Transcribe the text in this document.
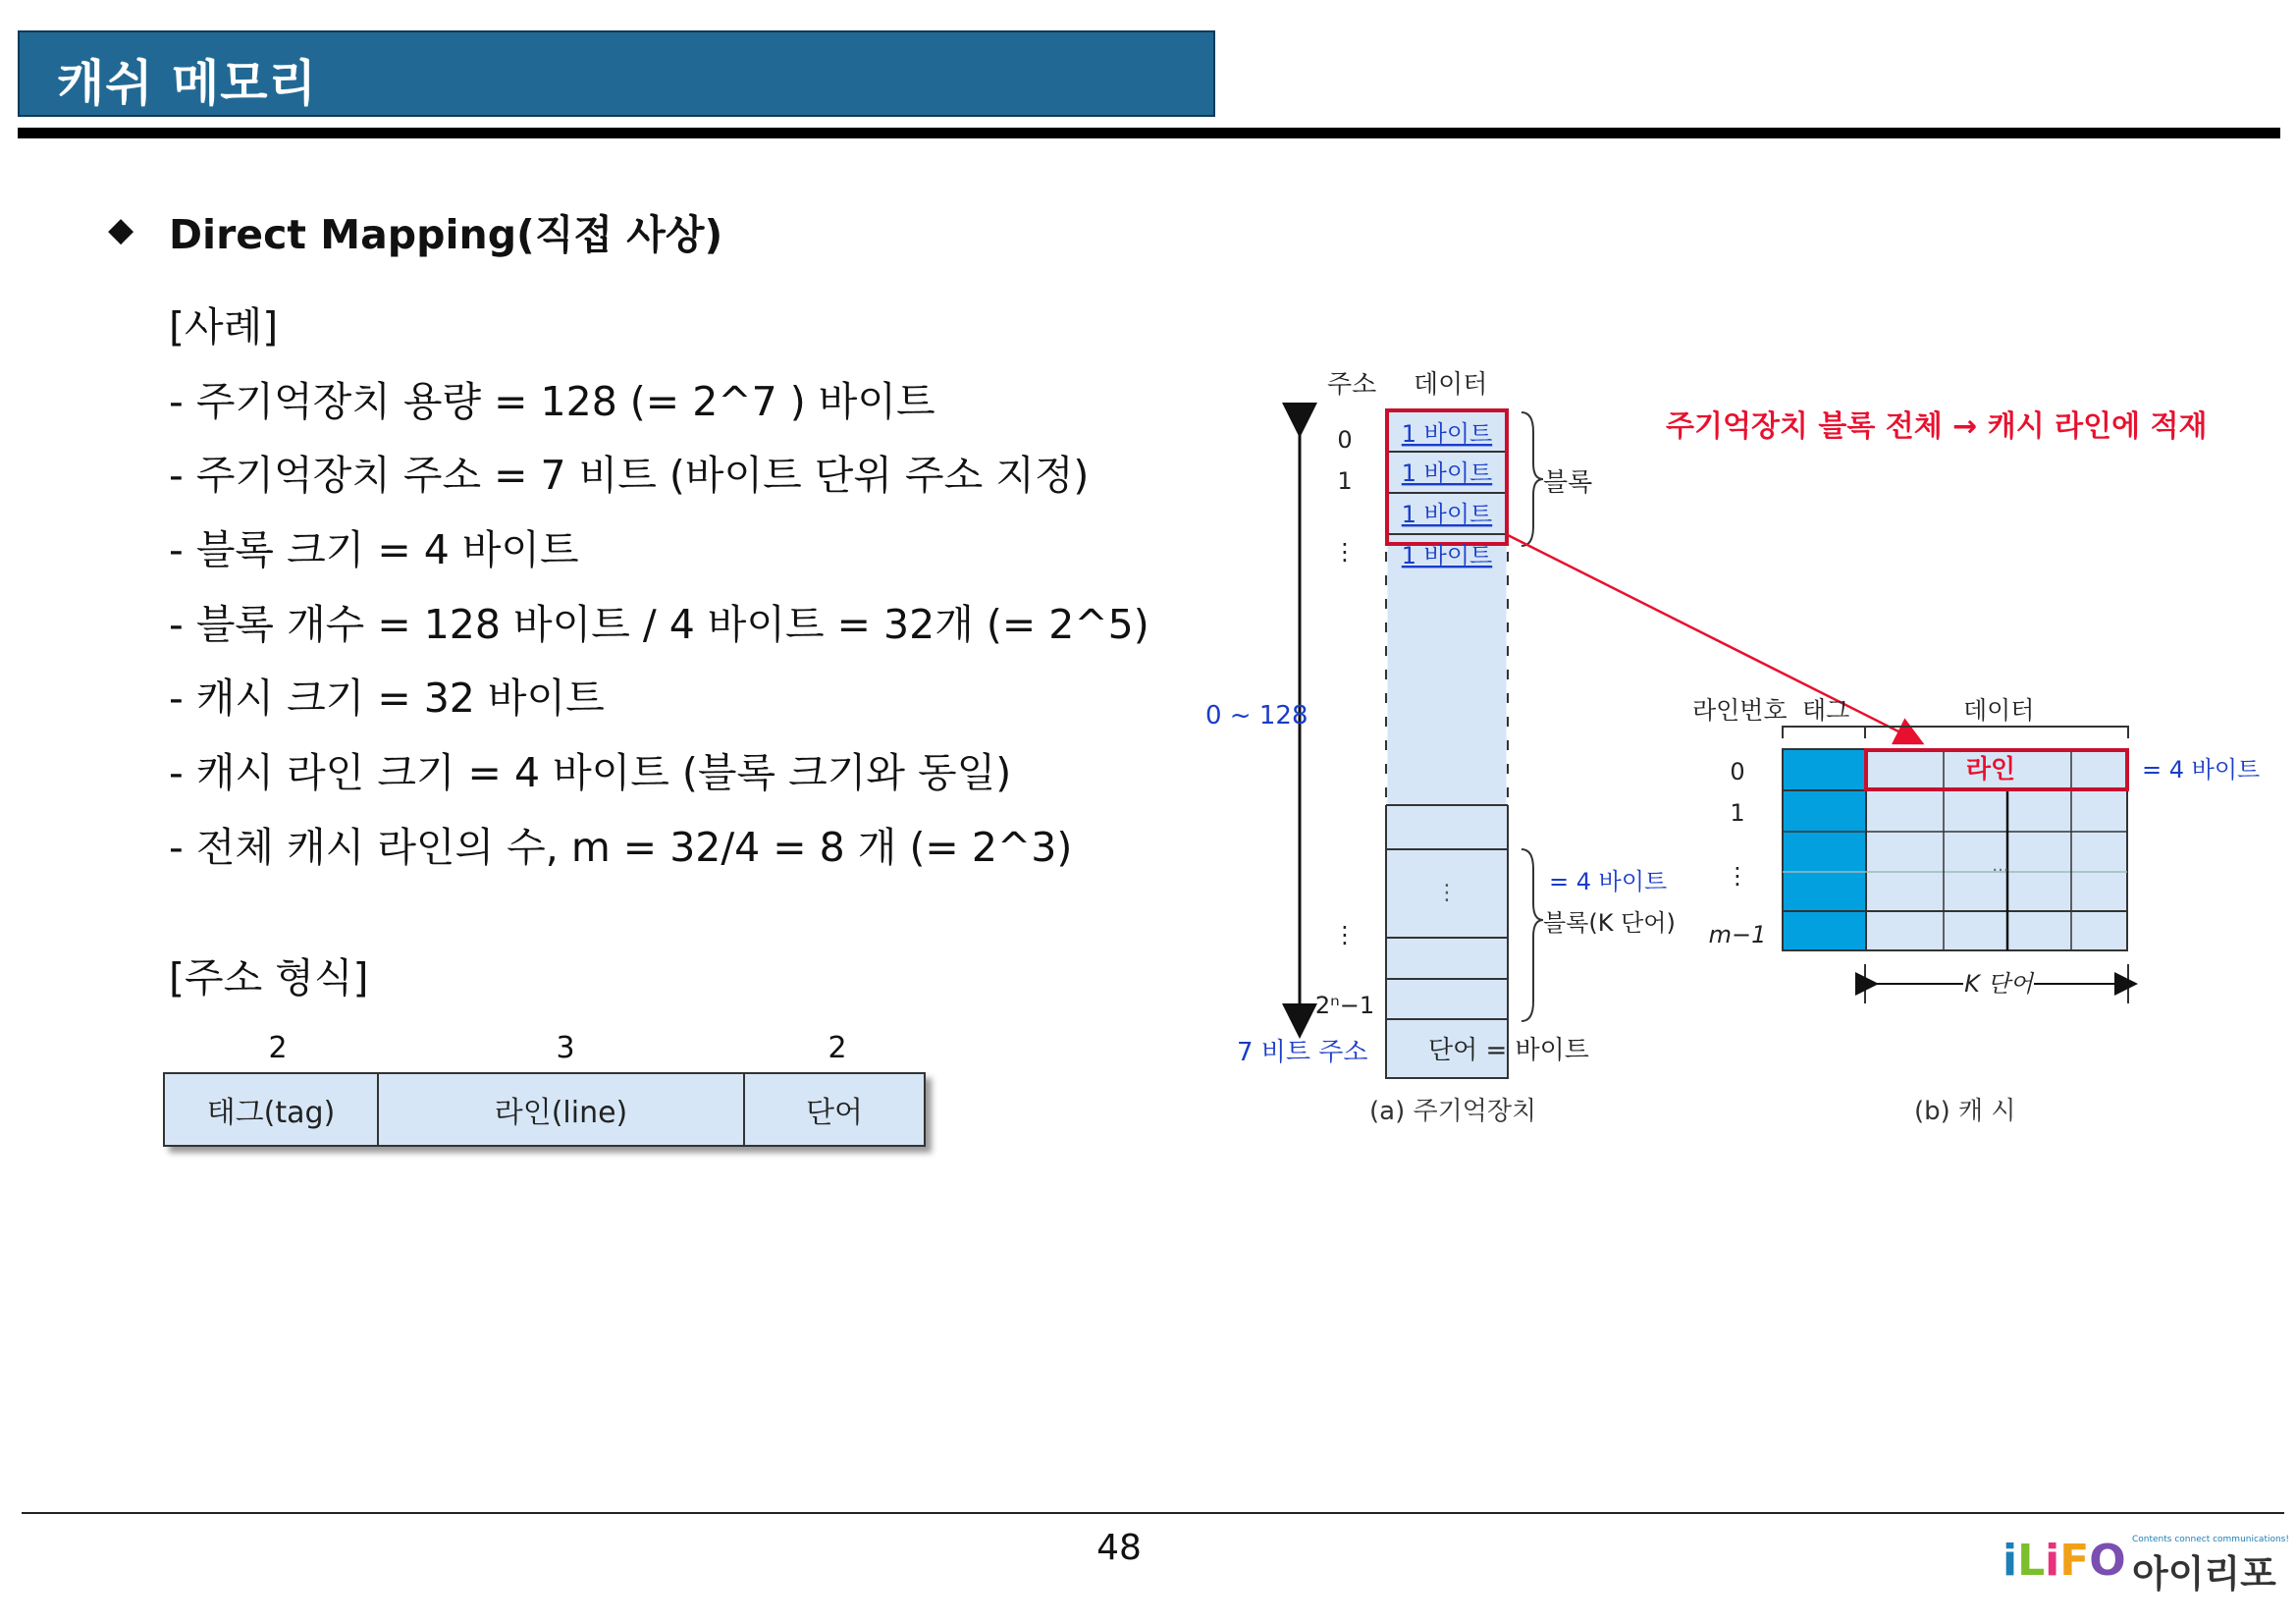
캐쉬 메모리
◆ Direct Mapping(직접 사상)
[사례]
- 주기억장치 용량 = 128 (= 2^7 ) 바이트
- 주기억장치 주소 = 7 비트 (바이트 단위 주소 지정)
- 블록 크기 = 4 바이트
- 블록 개수 = 128 바이트 / 4 바이트 = 32개 (= 2^5)
- 캐시 크기 = 32 바이트
- 캐시 라인 크기 = 4 바이트 (블록 크기와 동일)
- 전체 캐시 라인의 수, m = 32/4 = 8 개 (= 2^3)
[주소 형식]
2	3	2
태그(tag)	라인(line)	단어
주기억장치 블록 전체 → 캐시 라인에 적재
주소 데이터
⋮
1 바이트
1 바이트
1 바이트
1 바이트
0
1
⋮
⋮
2ⁿ−1
0 ~ 128
블록
= 4 바이트
블록(K 단어)
7 비트 주소 단어 = 바이트
(a) 주기억장치
라인번호 태그	데이터
라인
···
= 4 바이트
0
1
⋮
m−1
K 단어
(b) 캐 시
48	iLiFO Contents connect communications!
아이리포
